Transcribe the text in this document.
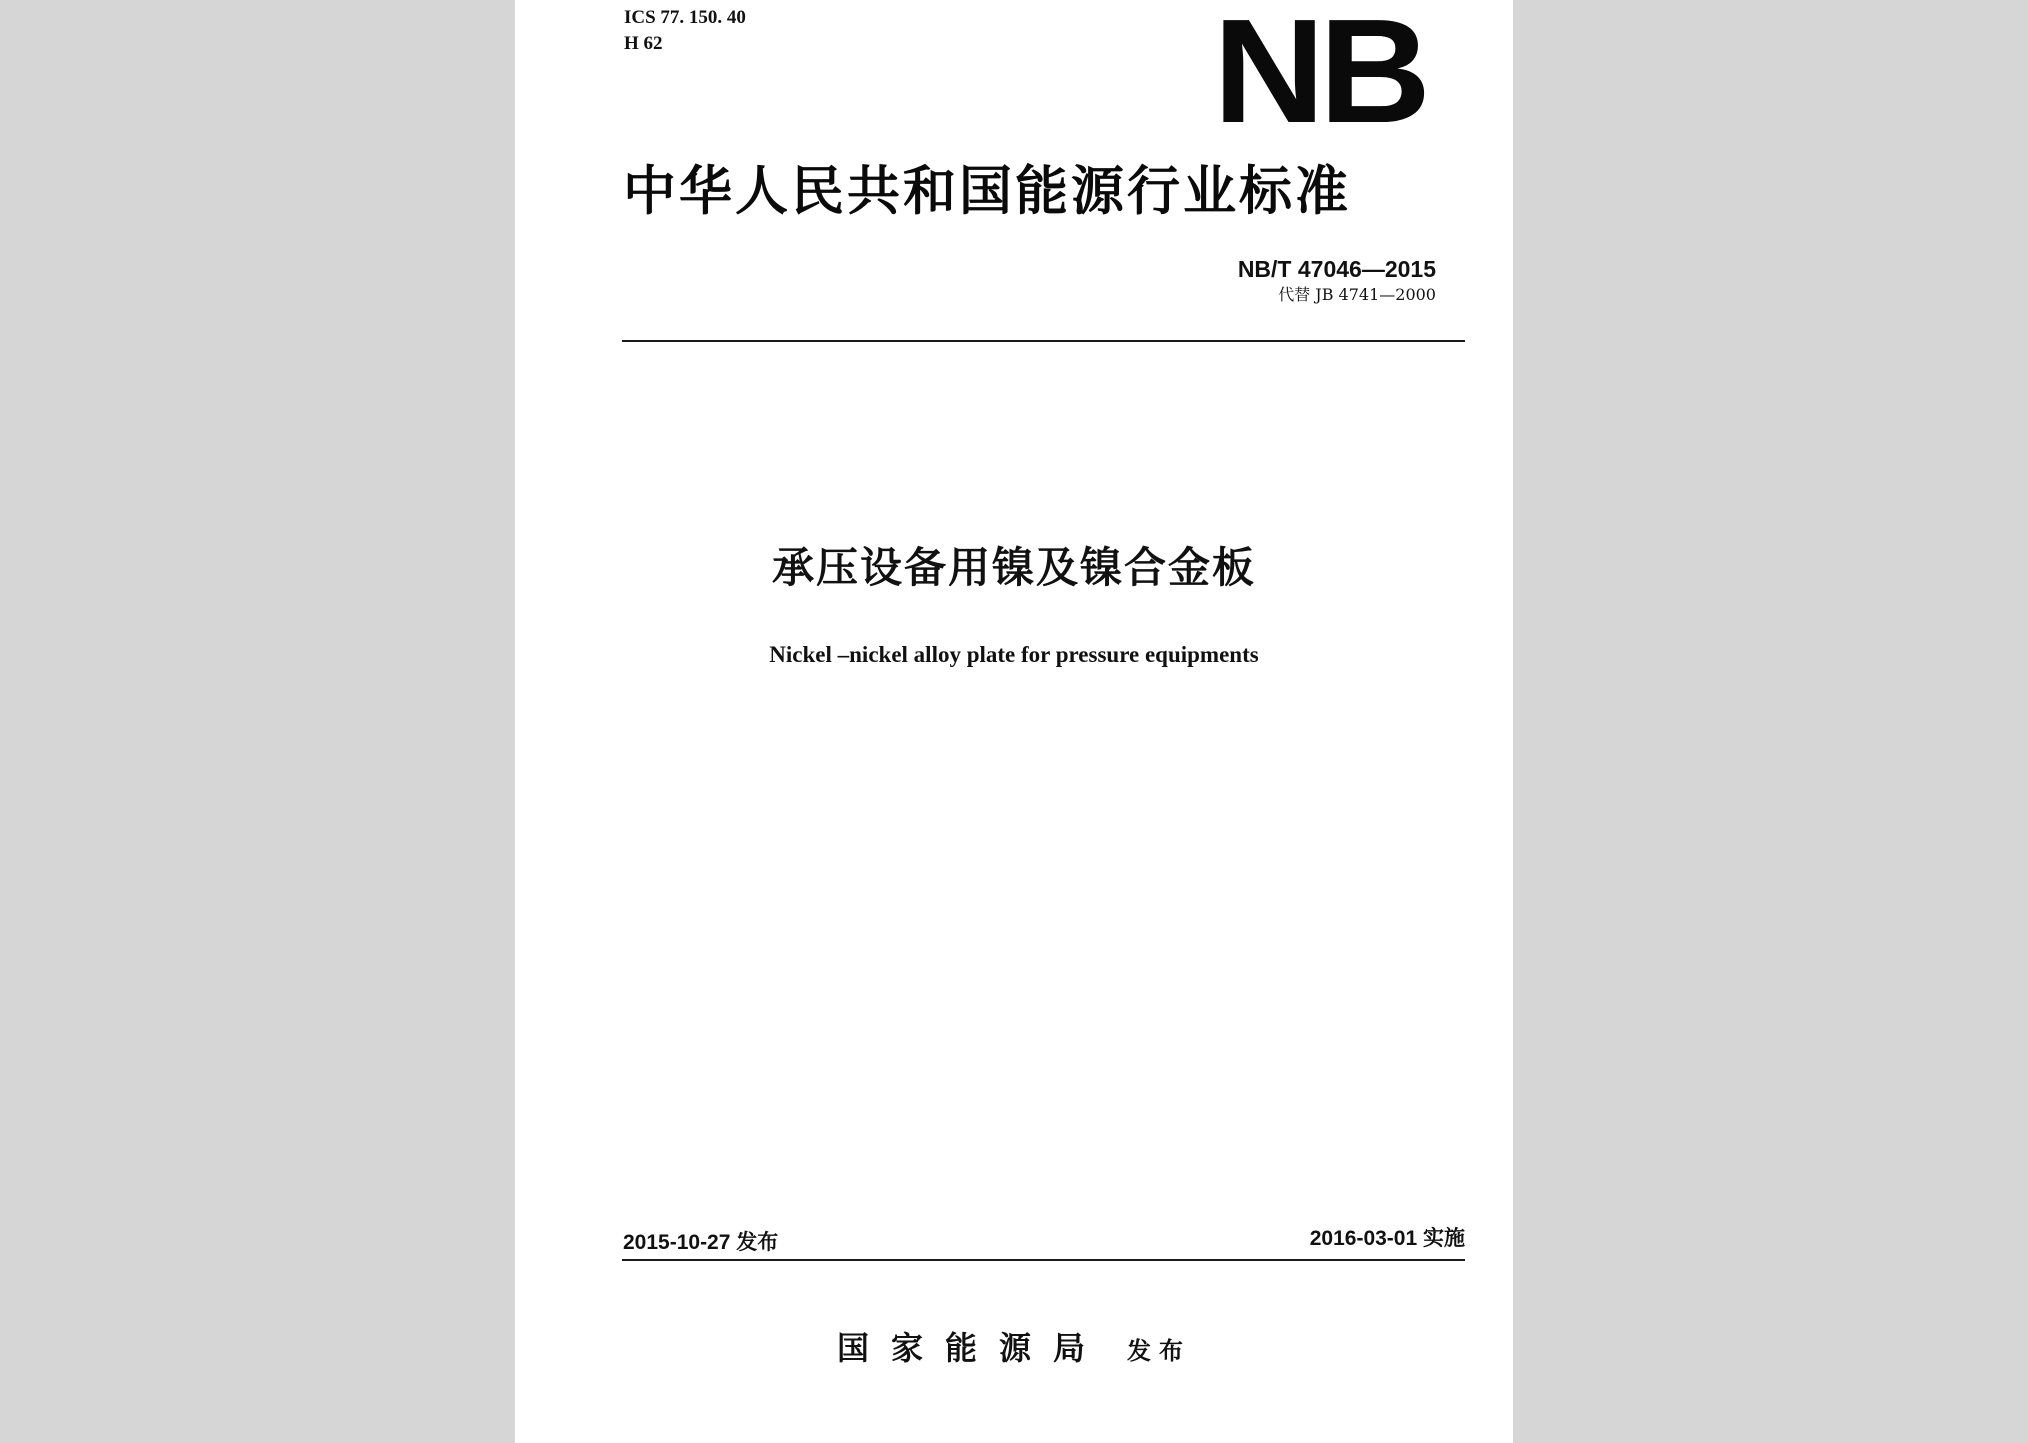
ICS 77. 150. 40
H 62	NB
中华人民共和国能源行业标准
NB/T 47046—2015
代替 JB 4741—2000
承压设备用镍及镍合金板
Nickel –nickel alloy plate for pressure equipments
2015-10-27 发布	2016-03-01 实施
国家能源局 发布
